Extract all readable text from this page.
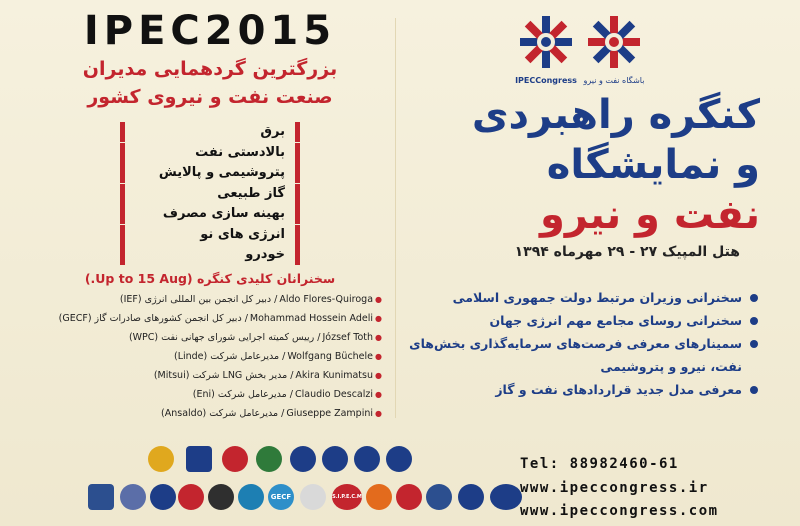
IPEC2015
بزرگترین گردهمایی مدیران
صنعت نفت و نیروی کشور
برق
بالادستی نفت
پتروشیمی و پالایش
گاز طبیعی
بهینه سازی مصرف
انرژی های نو
خودرو
سخنرانان کلیدی کنگره (Up to 15 Aug.)
●
Aldo Flores-Quiroga
/ دبیر کل انجمن بین المللی انرژی (IEF)
●
Mohammad Hossein Adeli
/ دبیر کل انجمن کشورهای صادرات گاز (GECF)
●
József Toth
/ رییس کمیته اجرایی شورای جهانی نفت (WPC)
●
Wolfgang Büchele
/ مدیرعامل شرکت (Linde)
●
Akira Kunimatsu
/ مدیر بخش LNG شرکت (Mitsui)
●
Claudio Descalzi
/ مدیرعامل شرکت (Eni)
●
Giuseppe Zampini
/ مدیرعامل شرکت (Ansaldo)
IPECCongress باشگاه نفت و نیرو
کنگره راهبردی
و نمایشگاه
نفت و نیرو
هتل المپیک ۲۷ - ۲۹ مهرماه ۱۳۹۴
سخنرانی وزیران مرتبط دولت جمهوری اسلامی
سخنرانی روسای مجامع مهم انرژی جهان
سمینارهای معرفی فرصت‌های سرمایه‌گذاری بخش‌های نفت، نیرو و پتروشیمی
معرفی مدل جدید قراردادهای نفت و گاز
Tel: 88982460-61
www.ipeccongress.ir
www.ipeccongress.com
GECF	S.I.P.E.C.M
